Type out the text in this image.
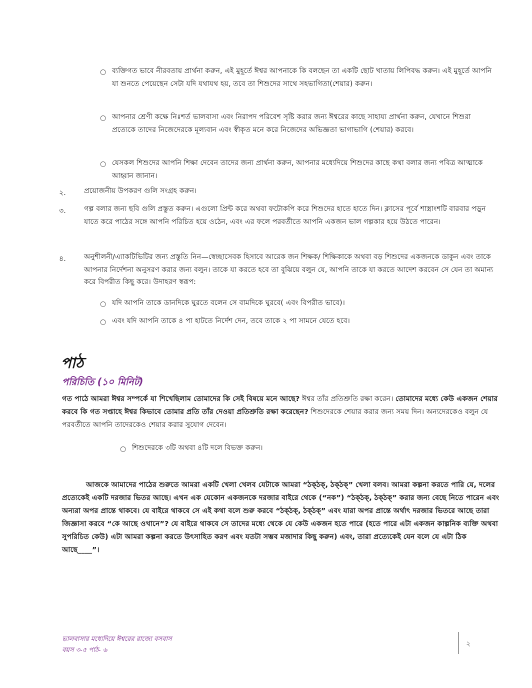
○ ব্যক্তিগত ভাবে নীরবতায় প্রার্থনা করুন, এই মুহূর্তে ঈশ্বর আপনাকে কি বলছেন তা একটি ছোট খাতায় লিপিবদ্ধ করুন। এই মুহূর্তে আপনি যা শুনতে পেয়েছেন সেটা যদি যথাযথ হয়, তবে তা শিশুদের সাথে সহভাগিতা(শেয়ার) করুন।
○ আপনার শ্রেণী কক্ষে নিঃশর্ত ভালবাসা এবং নিরাপদ পরিবেশ সৃষ্টি করার জন্য ঈশ্বরের কাছে সাহায্য প্রার্থনা করুন, যেখানে শিশুরা প্রত্যেকে তাদের নিজেদেরকে মূল্যবান এবং স্বীকৃত মনে করে নিজেদের অভিজ্ঞতা ভাগাভাগি (শেয়ার) করবে।
○ যেসকল শিশুদের আপনি শিক্ষা দেবেন তাদের জন্য প্রার্থনা করুন, আপনার মধ্যেদিয়ে শিশুদের কাছে কথা বলার জন্য পবিত্র আত্মাকে আহ্বান জানান।
২.	প্রয়োজনীয় উপকরণ গুলি সংগ্রহ করুন।
৩.	গল্প বলার জন্য ছবি গুলি প্রস্তুত করুন। এগুলো প্রিন্ট করে অথবা ফটোকপি করে শিশুদের হাতে হাতে দিন। ক্লাসের পূর্বে শাস্ত্রাংশটি বারবার পড়ুন যাতে করে পাঠের সঙ্গে আপনি পরিচিত হয়ে ওঠেন, এবং এর ফলে পরবর্তীতে আপনি একজন ভাল গল্পকার হয়ে উঠতে পারেন।
৪.	অনুশীলনী/এ্যাকটিভিটির জন্য প্রস্তুতি নিন—স্বেচ্ছাসেবক হিসাবে আরেক জন শিক্ষক/ শিক্ষিকাকে অথবা বড় শিশুদের একজনকে ডাকুন এবং তাকে আপনার নির্দেশনা অনুসরণ করার জন্য বলুন। তাকে যা করতে হবে তা বুঝিয়ে বলুন যে, আপনি তাকে যা করতে আদেশ করবেন সে যেন তা অমান্য করে বিপরীত কিছু করে। উদাহরণ স্বরূপ:
○ যদি আপনি তাকে ডানদিকে ঘুরতে বলেন সে বামদিকে ঘুরবে( এবং বিপরীত ভাবে)।
○ এবং যদি আপনি তাকে ৪ পা হাটতে নির্দেশ দেন, তবে তাকে ২ পা সামনে যেতে হবে।
পাঠ
পরিচিতি (১০ মিনিট)
গত পাঠে আমরা ঈশ্বর সম্পর্কে যা শিখেছিলাম তোমাদের কি সেই বিষয়ে মনে আছে? ঈশ্বর তাঁর প্রতিশ্রুতি রক্ষা করেন। তোমাদের মধ্যে কেউ একজন শেয়ার করবে কি গত সপ্তাহে ঈশ্বর কিভাবে তোমার প্রতি তাঁর দেওয়া প্রতিশ্রুতি রক্ষা করেছেন? শিশুদেরকে শেয়ার করার জন্য সময় দিন। অন্যদেরকেও বলুন যে পরবর্তীতে আপনি তাদেরকেও শেয়ার করার সুযোগ দেবেন।
○ শিশুদেরকে ৩টি অথবা ৪টি দলে বিভক্ত করুন।
আজকে আমাদের পাঠের শুরুতে আমরা একটি খেলা খেলব যেটাকে আমরা “ঠক্‌ঠক্‌, ঠক্‌ঠক্‌” খেলা বলব। আমরা কল্পনা করতে পারি যে, দলের প্রত্যেকেই একটি দরজার ভিতর আছে। এখন এক যেকোন একজনকে দরজার বাইরে থেকে (“নক”) “ঠক্‌ঠক্‌, ঠক্‌ঠক্‌” করার জন্য বেছে নিতে পারেন এবং অন্যরা অপর প্রান্তে থাকবে। যে বাইরে থাকবে সে এই কথা বলে শুরু করবে “ঠক্‌ঠক্‌, ঠক্‌ঠক্‌” এবং যারা অপর প্রান্তে অর্থাৎ দরজার ভিতরে আছে তারা জিজ্ঞাসা করবে “কে আছে ওখানে”? যে বাইরে থাকবে সে তাদের মধ্যে থেকে যে কেউ একজন হতে পারে (হতে পারে এটা একজন কাল্পনিক ব্যক্তি অথবা সুপরিচিত কেউ) এটা আমরা কল্পনা করতে উৎসাহিত করণ এবং যতটা সম্ভব মজাদার কিছু করুন) এবং, তারা প্রত্যেকেই যেন বলে যে এটা ঠিক আছে____”।
ভালবাসার মধ্যেদিয়ে ঈশ্বরের রাজ্যে বসবাস
বয়স ৩-৫ পাঠ- ৬
২
